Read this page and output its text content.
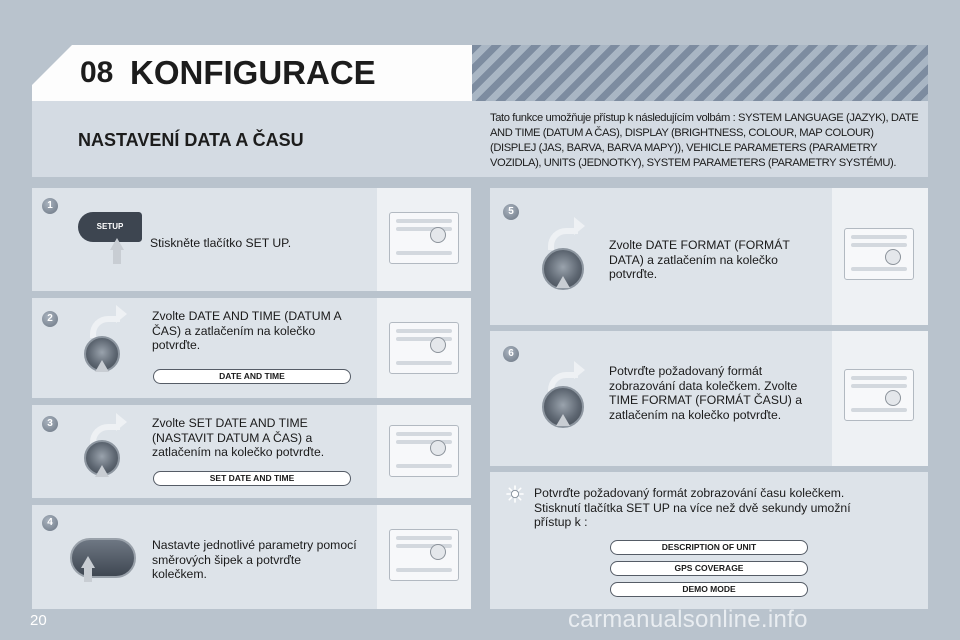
08 KONFIGURACE
NASTAVENÍ DATA A ČASU
Tato funkce umožňuje přístup k následujícím volbám : SYSTEM LANGUAGE (JAZYK), DATE AND TIME (DATUM A ČAS), DISPLAY (BRIGHTNESS, COLOUR, MAP COLOUR) (DISPLEJ (JAS, BARVA, BARVA MAPY)), VEHICLE PARAMETERS (PARAMETRY VOZIDLA), UNITS (JEDNOTKY), SYSTEM PARAMETERS (PARAMETRY SYSTÉMU).
1
SETUP
Stiskněte tlačítko SET UP.
2	Zvolte DATE AND TIME (DATUM A ČAS) a zatlačením na kolečko potvrďte.
DATE AND TIME
3	Zvolte SET DATE AND TIME (NASTAVIT DATUM A ČAS) a zatlačením na kolečko potvrďte.
SET DATE AND TIME
4
Nastavte jednotlivé parametry pomocí směrových šipek a potvrďte kolečkem.
5
Zvolte DATE FORMAT (FORMÁT DATA) a zatlačením na kolečko potvrďte.
6
Potvrďte požadovaný formát zobrazování data kolečkem. Zvolte TIME FORMAT (FORMÁT ČASU) a zatlačením na kolečko potvrďte.
Potvrďte požadovaný formát zobrazování času kolečkem. Stisknutí tlačítka SET UP na více než dvě sekundy umožní přístup k :
DESCRIPTION OF UNIT
GPS COVERAGE
DEMO MODE
20	carmanualsonline.info
